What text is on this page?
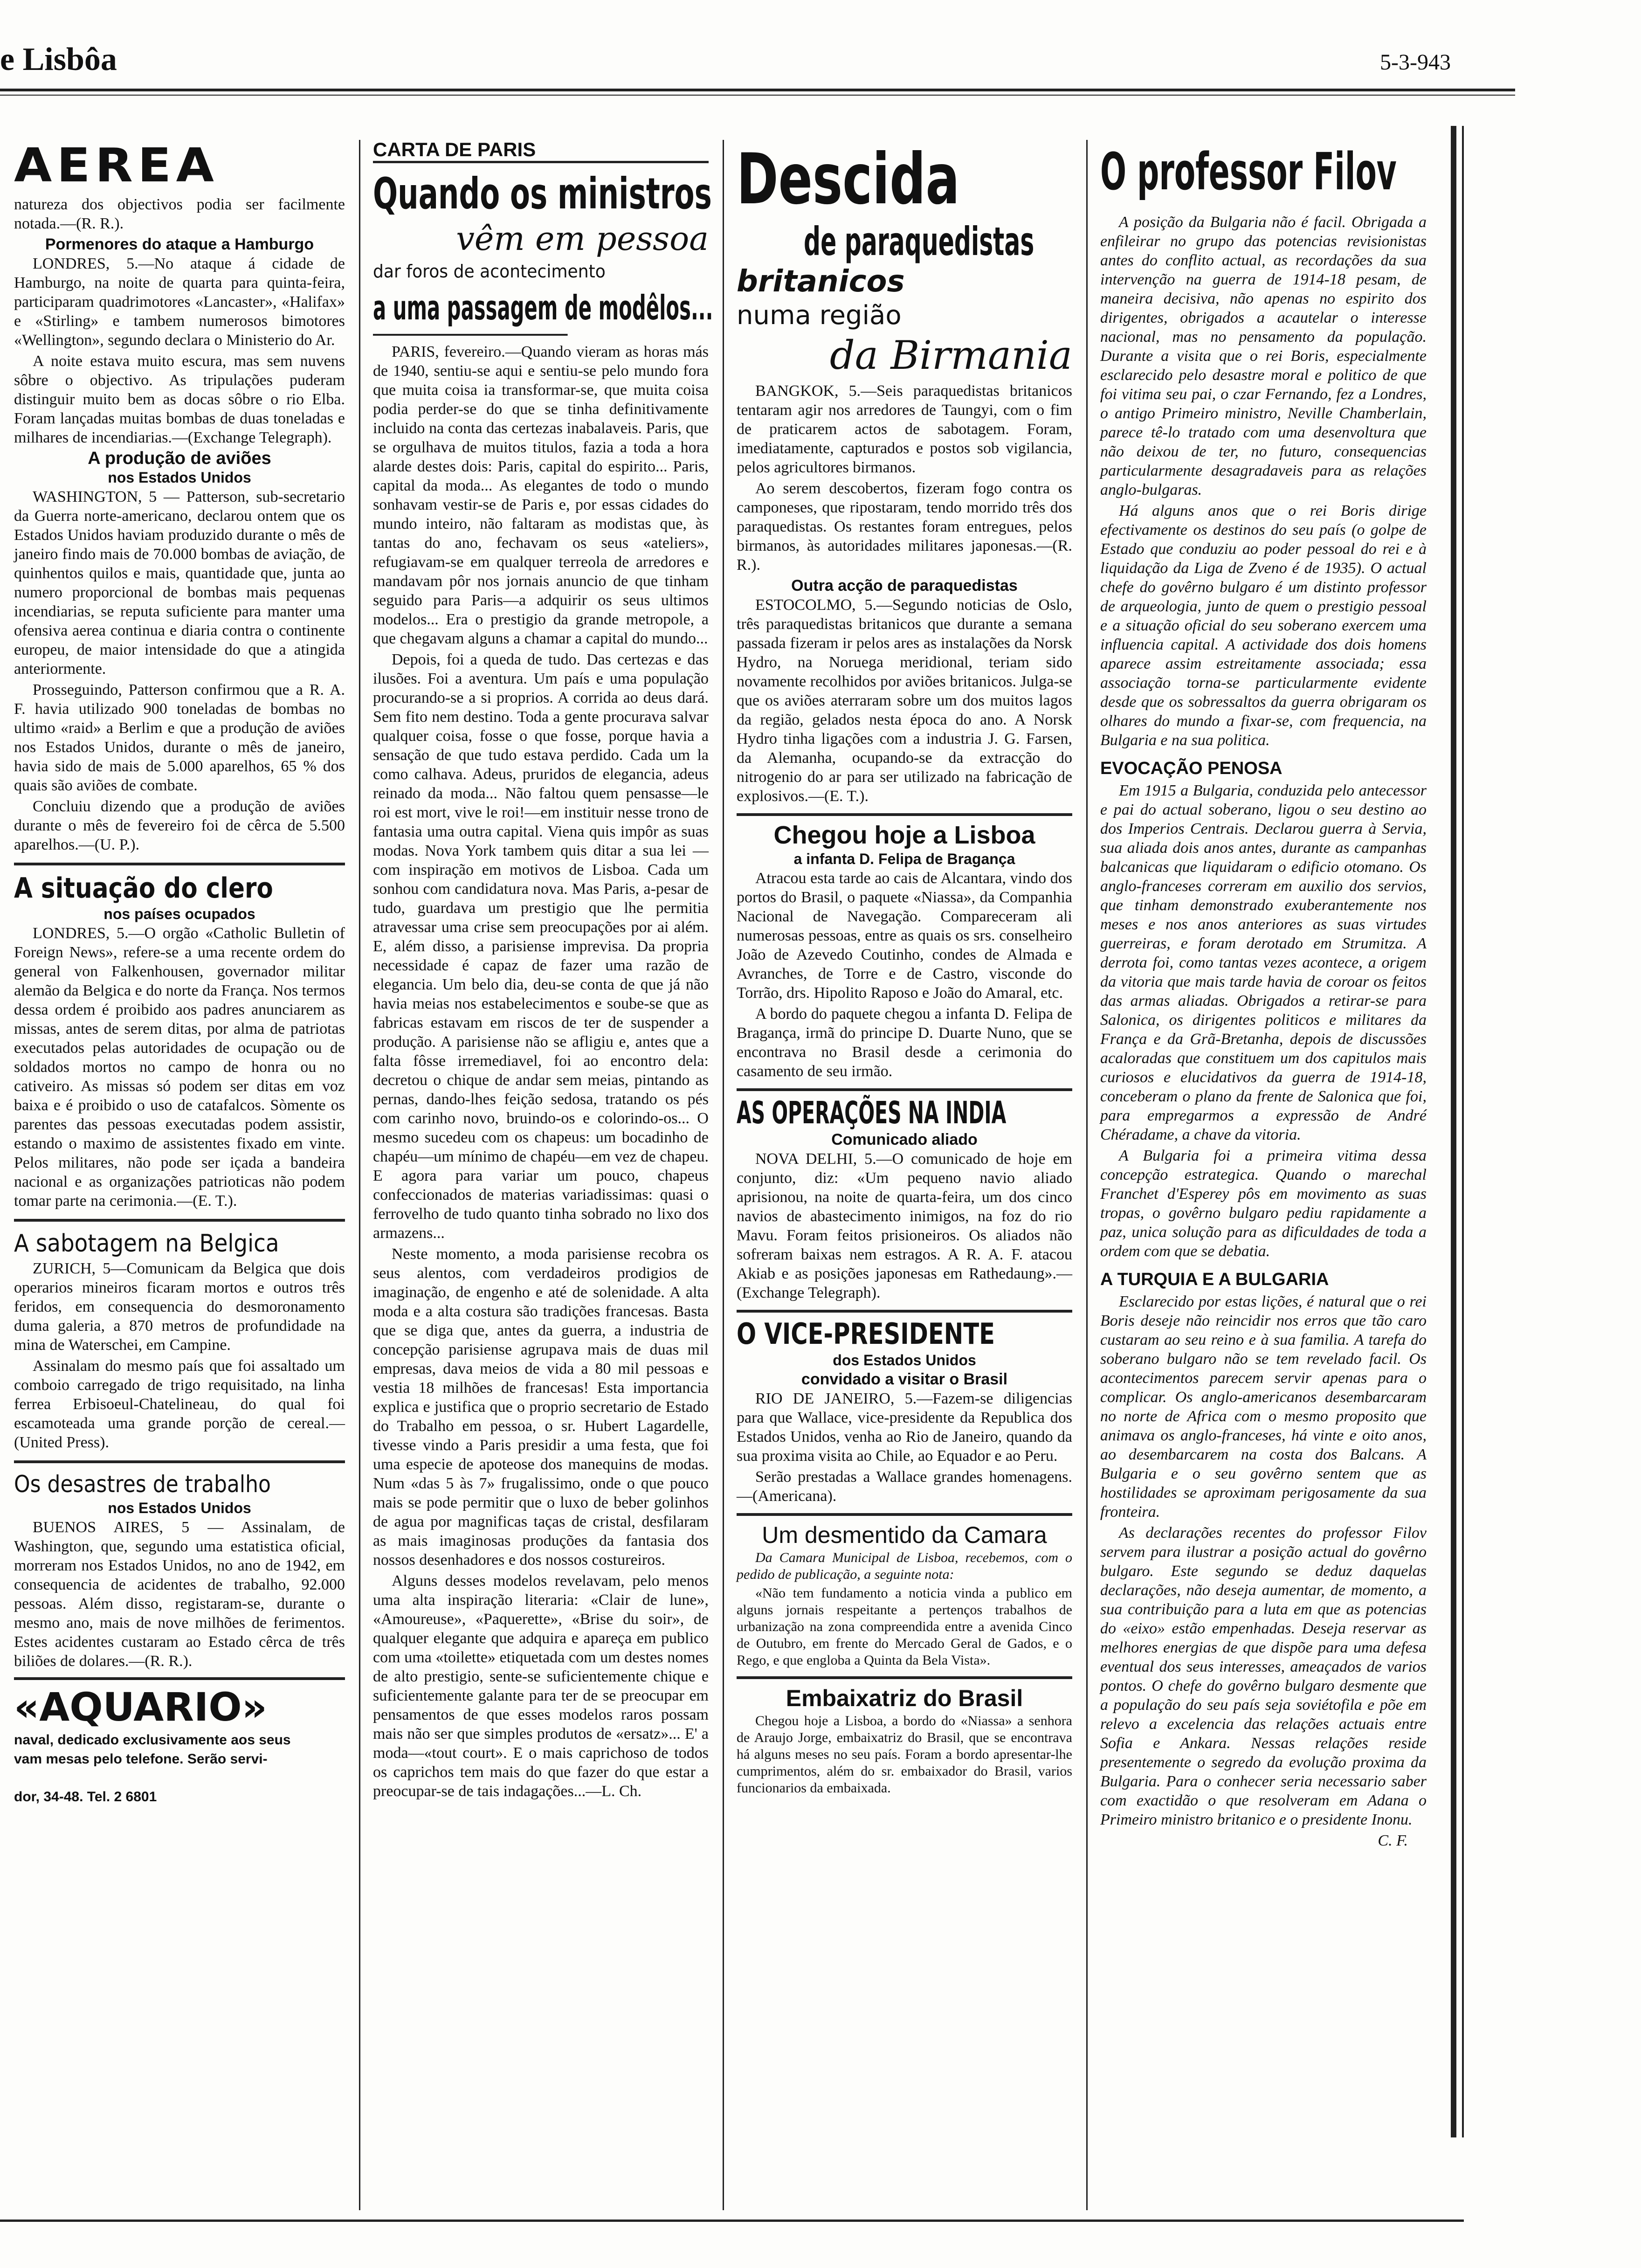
e Lisbôa	5-3-943
AEREA

natureza dos objectivos podia ser facilmente notada.—(R. R.).

Pormenores do ataque a Hamburgo

LONDRES, 5.—No ataque á cidade de Hamburgo, na noite de quarta para quinta-feira, participaram quadrimotores «Lancaster», «Halifax» e «Stirling» e tambem numerosos bimotores «Wellington», segundo declara o Ministerio do Ar.

A noite estava muito escura, mas sem nuvens sôbre o objectivo. As tripulações puderam distinguir muito bem as docas sôbre o rio Elba. Foram lançadas muitas bombas de duas toneladas e milhares de incendiarias.—(Exchange Telegraph).

A produção de aviões
nos Estados Unidos

WASHINGTON, 5 — Patterson, sub-secretario da Guerra norte-americano, declarou ontem que os Estados Unidos haviam produzido durante o mês de janeiro findo mais de 70.000 bombas de aviação, de quinhentos quilos e mais, quantidade que, junta ao numero proporcional de bombas mais pequenas incendiarias, se reputa suficiente para manter uma ofensiva aerea continua e diaria contra o continente europeu, de maior intensidade do que a atingida anteriormente.

Prosseguindo, Patterson confirmou que a R. A. F. havia utilizado 900 toneladas de bombas no ultimo «raid» a Berlim e que a produção de aviões nos Estados Unidos, durante o mês de janeiro, havia sido de mais de 5.000 aparelhos, 65 % dos quais são aviões de combate.

Concluiu dizendo que a produção de aviões durante o mês de fevereiro foi de cêrca de 5.500 aparelhos.—(U. P.).

A situação do clero
nos países ocupados

LONDRES, 5.—O orgão «Catholic Bulletin of Foreign News», refere-se a uma recente ordem do general von Falkenhousen, governador militar alemão da Belgica e do norte da França. Nos termos dessa ordem é proibido aos padres anunciarem as missas, antes de serem ditas, por alma de patriotas executados pelas autoridades de ocupação ou de soldados mortos no campo de honra ou no cativeiro. As missas só podem ser ditas em voz baixa e é proibido o uso de catafalcos. Sòmente os parentes das pessoas executadas podem assistir, estando o maximo de assistentes fixado em vinte. Pelos militares, não pode ser içada a bandeira nacional e as organizações patrioticas não podem tomar parte na cerimonia.—(E. T.).

A sabotagem na Belgica

ZURICH, 5—Comunicam da Belgica que dois operarios mineiros ficaram mortos e outros três feridos, em consequencia do desmoronamento duma galeria, a 870 metros de profundidade na mina de Waterschei, em Campine.

Assinalam do mesmo país que foi assaltado um comboio carregado de trigo requisitado, na linha ferrea Erbisoeul-Chatelineau, do qual foi escamoteada uma grande porção de cereal.—(United Press).

Os desastres de trabalho
nos Estados Unidos

BUENOS AIRES, 5 — Assinalam, de Washington, que, segundo uma estatistica oficial, morreram nos Estados Unidos, no ano de 1942, em consequencia de acidentes de trabalho, 92.000 pessoas. Além disso, registaram-se, durante o mesmo ano, mais de nove milhões de ferimentos. Estes acidentes custaram ao Estado cêrca de três biliões de dolares.—(R. R.).

«AQUARIO»
naval, dedicado exclusivamente aos seus
vam mesas pelo telefone. Serão servi-
dor, 34-48. Tel. 2 6801
CARTA DE PARIS
Quando os ministros
vêm em pessoa
dar foros de acontecimento
a uma passagem de modêlos...

PARIS, fevereiro.—Quando vieram as horas más de 1940, sentiu-se aqui e sentiu-se pelo mundo fora que muita coisa ia transformar-se, que muita coisa podia perder-se do que se tinha definitivamente incluido na conta das certezas inabalaveis. Paris, que se orgulhava de muitos titulos, fazia a toda a hora alarde destes dois: Paris, capital do espirito... Paris, capital da moda... As elegantes de todo o mundo sonhavam vestir-se de Paris e, por essas cidades do mundo inteiro, não faltaram as modistas que, às tantas do ano, fechavam os seus «ateliers», refugiavam-se em qualquer terreola de arredores e mandavam pôr nos jornais anuncio de que tinham seguido para Paris—a adquirir os seus ultimos modelos... Era o prestigio da grande metropole, a que chegavam alguns a chamar a capital do mundo...

Depois, foi a queda de tudo. Das certezas e das ilusões. Foi a aventura. Um país e uma população procurando-se a si proprios. A corrida ao deus dará. Sem fito nem destino. Toda a gente procurava salvar qualquer coisa, fosse o que fosse, porque havia a sensação de que tudo estava perdido. Cada um la como calhava. Adeus, pruridos de elegancia, adeus reinado da moda... Não faltou quem pensasse—le roi est mort, vive le roi!—em instituir nesse trono de fantasia uma outra capital. Viena quis impôr as suas modas. Nova York tambem quis ditar a sua lei —com inspiração em motivos de Lisboa. Cada um sonhou com candidatura nova. Mas Paris, a-pesar de tudo, guardava um prestigio que lhe permitia atravessar uma crise sem preocupações por ai além. E, além disso, a parisiense imprevisa. Da propria necessidade é capaz de fazer uma razão de elegancia. Um belo dia, deu-se conta de que já não havia meias nos estabelecimentos e soube-se que as fabricas estavam em riscos de ter de suspender a produção. A parisiense não se afligiu e, antes que a falta fôsse irremediavel, foi ao encontro dela: decretou o chique de andar sem meias, pintando as pernas, dando-lhes feição sedosa, tratando os pés com carinho novo, bruindo-os e colorindo-os... O mesmo sucedeu com os chapeus: um bocadinho de chapéu—um mínimo de chapéu—em vez de chapeu. E agora para variar um pouco, chapeus confeccionados de materias variadissimas: quasi o ferrovelho de tudo quanto tinha sobrado no lixo dos armazens...

Neste momento, a moda parisiense recobra os seus alentos, com verdadeiros prodigios de imaginação, de engenho e até de solenidade. A alta moda e a alta costura são tradições francesas. Basta que se diga que, antes da guerra, a industria de concepção parisiense agrupava mais de duas mil empresas, dava meios de vida a 80 mil pessoas e vestia 18 milhões de francesas! Esta importancia explica e justifica que o proprio secretario de Estado do Trabalho em pessoa, o sr. Hubert Lagardelle, tivesse vindo a Paris presidir a uma festa, que foi uma especie de apoteose dos manequins de modas. Num «das 5 às 7» frugalissimo, onde o que pouco mais se pode permitir que o luxo de beber golinhos de agua por magnificas taças de cristal, desfilaram as mais imaginosas produções da fantasia dos nossos desenhadores e dos nossos costureiros.

Alguns desses modelos revelavam, pelo menos uma alta inspiração literaria: «Clair de lune», «Amoureuse», «Paquerette», «Brise du soir», de qualquer elegante que adquira e apareça em publico com uma «toilette» etiquetada com um destes nomes de alto prestigio, sente-se suficientemente chique e suficientemente galante para ter de se preocupar em pensamentos de que esses modelos raros possam mais não ser que simples produtos de «ersatz»... E' a moda—«tout court». E o mais caprichoso de todos os caprichos tem mais do que fazer do que estar a preocupar-se de tais indagações...—L. Ch.

Descida
de paraquedistas
britanicos
numa região
da Birmania

BANGKOK, 5.—Seis paraquedistas britanicos tentaram agir nos arredores de Taungyi, com o fim de praticarem actos de sabotagem. Foram, imediatamente, capturados e postos sob vigilancia, pelos agricultores birmanos.

Ao serem descobertos, fizeram fogo contra os camponeses, que ripostaram, tendo morrido três dos paraquedistas. Os restantes foram entregues, pelos birmanos, às autoridades militares japonesas.—(R. R.).

Outra acção de paraquedistas

ESTOCOLMO, 5.—Segundo noticias de Oslo, três paraquedistas britanicos que durante a semana passada fizeram ir pelos ares as instalações da Norsk Hydro, na Noruega meridional, teriam sido novamente recolhidos por aviões britanicos. Julga-se que os aviões aterraram sobre um dos muitos lagos da região, gelados nesta época do ano. A Norsk Hydro tinha ligações com a industria J. G. Farsen, da Alemanha, ocupando-se da extracção do nitrogenio do ar para ser utilizado na fabricação de explosivos.—(E. T.).

Chegou hoje a Lisboa
a infanta D. Felipa de Bragança

Atracou esta tarde ao cais de Alcantara, vindo dos portos do Brasil, o paquete «Niassa», da Companhia Nacional de Navegação. Compareceram ali numerosas pessoas, entre as quais os srs. conselheiro João de Azevedo Coutinho, condes de Almada e Avranches, de Torre e de Castro, visconde do Torrão, drs. Hipolito Raposo e João do Amaral, etc.

A bordo do paquete chegou a infanta D. Felipa de Bragança, irmã do principe D. Duarte Nuno, que se encontrava no Brasil desde a cerimonia do casamento de seu irmão.

AS OPERAÇÕES NA INDIA
Comunicado aliado

NOVA DELHI, 5.—O comunicado de hoje em conjunto, diz: «Um pequeno navio aliado aprisionou, na noite de quarta-feira, um dos cinco navios de abastecimento inimigos, na foz do rio Mavu. Foram feitos prisioneiros. Os aliados não sofreram baixas nem estragos. A R. A. F. atacou Akiab e as posições japonesas em Rathedaung».—(Exchange Telegraph).

O VICE-PRESIDENTE
dos Estados Unidos
convidado a visitar o Brasil

RIO DE JANEIRO, 5.—Fazem-se diligencias para que Wallace, vice-presidente da Republica dos Estados Unidos, venha ao Rio de Janeiro, quando da sua proxima visita ao Chile, ao Equador e ao Peru.

Serão prestadas a Wallace grandes homenagens.—(Americana).

Um desmentido da Camara

Da Camara Municipal de Lisboa, recebemos, com o pedido de publicação, a seguinte nota:

«Não tem fundamento a noticia vinda a publico em alguns jornais respeitante a pertenços trabalhos de urbanização na zona compreendida entre a avenida Cinco de Outubro, em frente do Mercado Geral de Gados, e o Rego, e que engloba a Quinta da Bela Vista».

Embaixatriz do Brasil

Chegou hoje a Lisboa, a bordo do «Niassa» a senhora de Araujo Jorge, embaixatriz do Brasil, que se encontrava há alguns meses no seu país. Foram a bordo apresentar-lhe cumprimentos, além do sr. embaixador do Brasil, varios funcionarios da embaixada.

O professor Filov

A posição da Bulgaria não é facil. Obrigada a enfileirar no grupo das potencias revisionistas antes do conflito actual, as recordações da sua intervenção na guerra de 1914-18 pesam, de maneira decisiva, não apenas no espirito dos dirigentes, obrigados a acautelar o interesse nacional, mas no pensamento da população. Durante a visita que o rei Boris, especialmente esclarecido pelo desastre moral e politico de que foi vitima seu pai, o czar Fernando, fez a Londres, o antigo Primeiro ministro, Neville Chamberlain, parece tê-lo tratado com uma desenvoltura que não deixou de ter, no futuro, consequencias particularmente desagradaveis para as relações anglo-bulgaras.

Há alguns anos que o rei Boris dirige efectivamente os destinos do seu país (o golpe de Estado que conduziu ao poder pessoal do rei e à liquidação da Liga de Zveno é de 1935). O actual chefe do govêrno bulgaro é um distinto professor de arqueologia, junto de quem o prestigio pessoal e a situação oficial do seu soberano exercem uma influencia capital. A actividade dos dois homens aparece assim estreitamente associada; essa associação torna-se particularmente evidente desde que os sobressaltos da guerra obrigaram os olhares do mundo a fixar-se, com frequencia, na Bulgaria e na sua politica.

EVOCAÇÃO PENOSA

Em 1915 a Bulgaria, conduzida pelo antecessor e pai do actual soberano, ligou o seu destino ao dos Imperios Centrais. Declarou guerra à Servia, sua aliada dois anos antes, durante as campanhas balcanicas que liquidaram o edificio otomano. Os anglo-franceses correram em auxilio dos servios, que tinham demonstrado exuberantemente nos meses e nos anos anteriores as suas virtudes guerreiras, e foram derotado em Strumitza. A derrota foi, como tantas vezes acontece, a origem da vitoria que mais tarde havia de coroar os feitos das armas aliadas. Obrigados a retirar-se para Salonica, os dirigentes politicos e militares da França e da Grã-Bretanha, depois de discussões acaloradas que constituem um dos capitulos mais curiosos e elucidativos da guerra de 1914-18, conceberam o plano da frente de Salonica que foi, para empregarmos a expressão de André Chéradame, a chave da vitoria.

A Bulgaria foi a primeira vitima dessa concepção estrategica. Quando o marechal Franchet d'Esperey pôs em movimento as suas tropas, o govêrno bulgaro pediu rapidamente a paz, unica solução para as dificuldades de toda a ordem com que se debatia.

A TURQUIA E A BULGARIA

Esclarecido por estas lições, é natural que o rei Boris deseje não reincidir nos erros que tão caro custaram ao seu reino e à sua familia. A tarefa do soberano bulgaro não se tem revelado facil. Os acontecimentos parecem servir apenas para o complicar. Os anglo-americanos desembarcaram no norte de Africa com o mesmo proposito que animava os anglo-franceses, há vinte e oito anos, ao desembarcarem na costa dos Balcans. A Bulgaria e o seu govêrno sentem que as hostilidades se aproximam perigosamente da sua fronteira.

As declarações recentes do professor Filov servem para ilustrar a posição actual do govêrno bulgaro. Este segundo se deduz daquelas declarações, não deseja aumentar, de momento, a sua contribuição para a luta em que as potencias do «eixo» estão empenhadas. Deseja reservar as melhores energias de que dispõe para uma defesa eventual dos seus interesses, ameaçados de varios pontos. O chefe do govêrno bulgaro desmente que a população do seu país seja soviétofila e põe em relevo a excelencia das relações actuais entre Sofia e Ankara. Nessas relações reside presentemente o segredo da evolução proxima da Bulgaria. Para o conhecer seria necessario saber com exactidão o que resolveram em Adana o Primeiro ministro britanico e o presidente Inonu.

C. F.
